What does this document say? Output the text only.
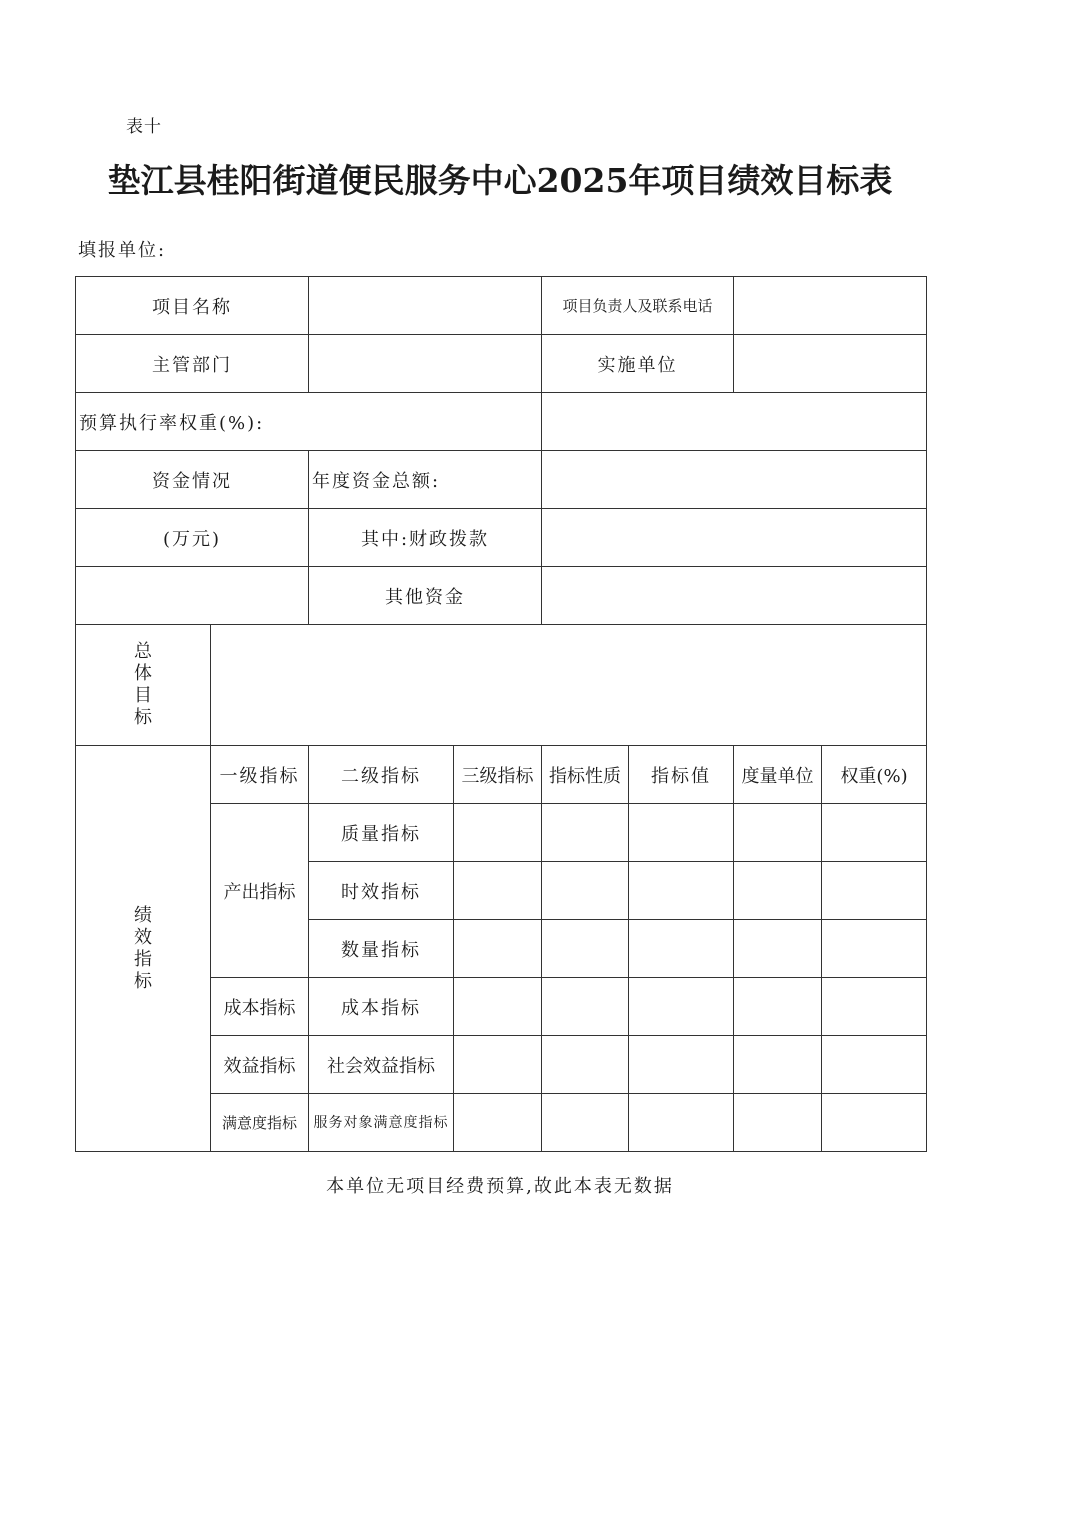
表十
垫江县桂阳街道便民服务中心2025年项目绩效目标表
填报单位:
项目名称				项目负责人及联系电话			
主管部门				实施单位			
预算执行率权重(%):							
资金情况		年度资金总额:					
(万元)		其中:财政拨款					
		其他资金					
总体目标							
绩效指标	一级指标	二级指标	三级指标	指标性质	指标值	度量单位	权重(%)
	产出指标	质量指标					
		时效指标					
		数量指标					
	成本指标	成本指标					
	效益指标	社会效益指标					
	满意度指标	服务对象满意度指标					
本单位无项目经费预算,故此本表无数据
